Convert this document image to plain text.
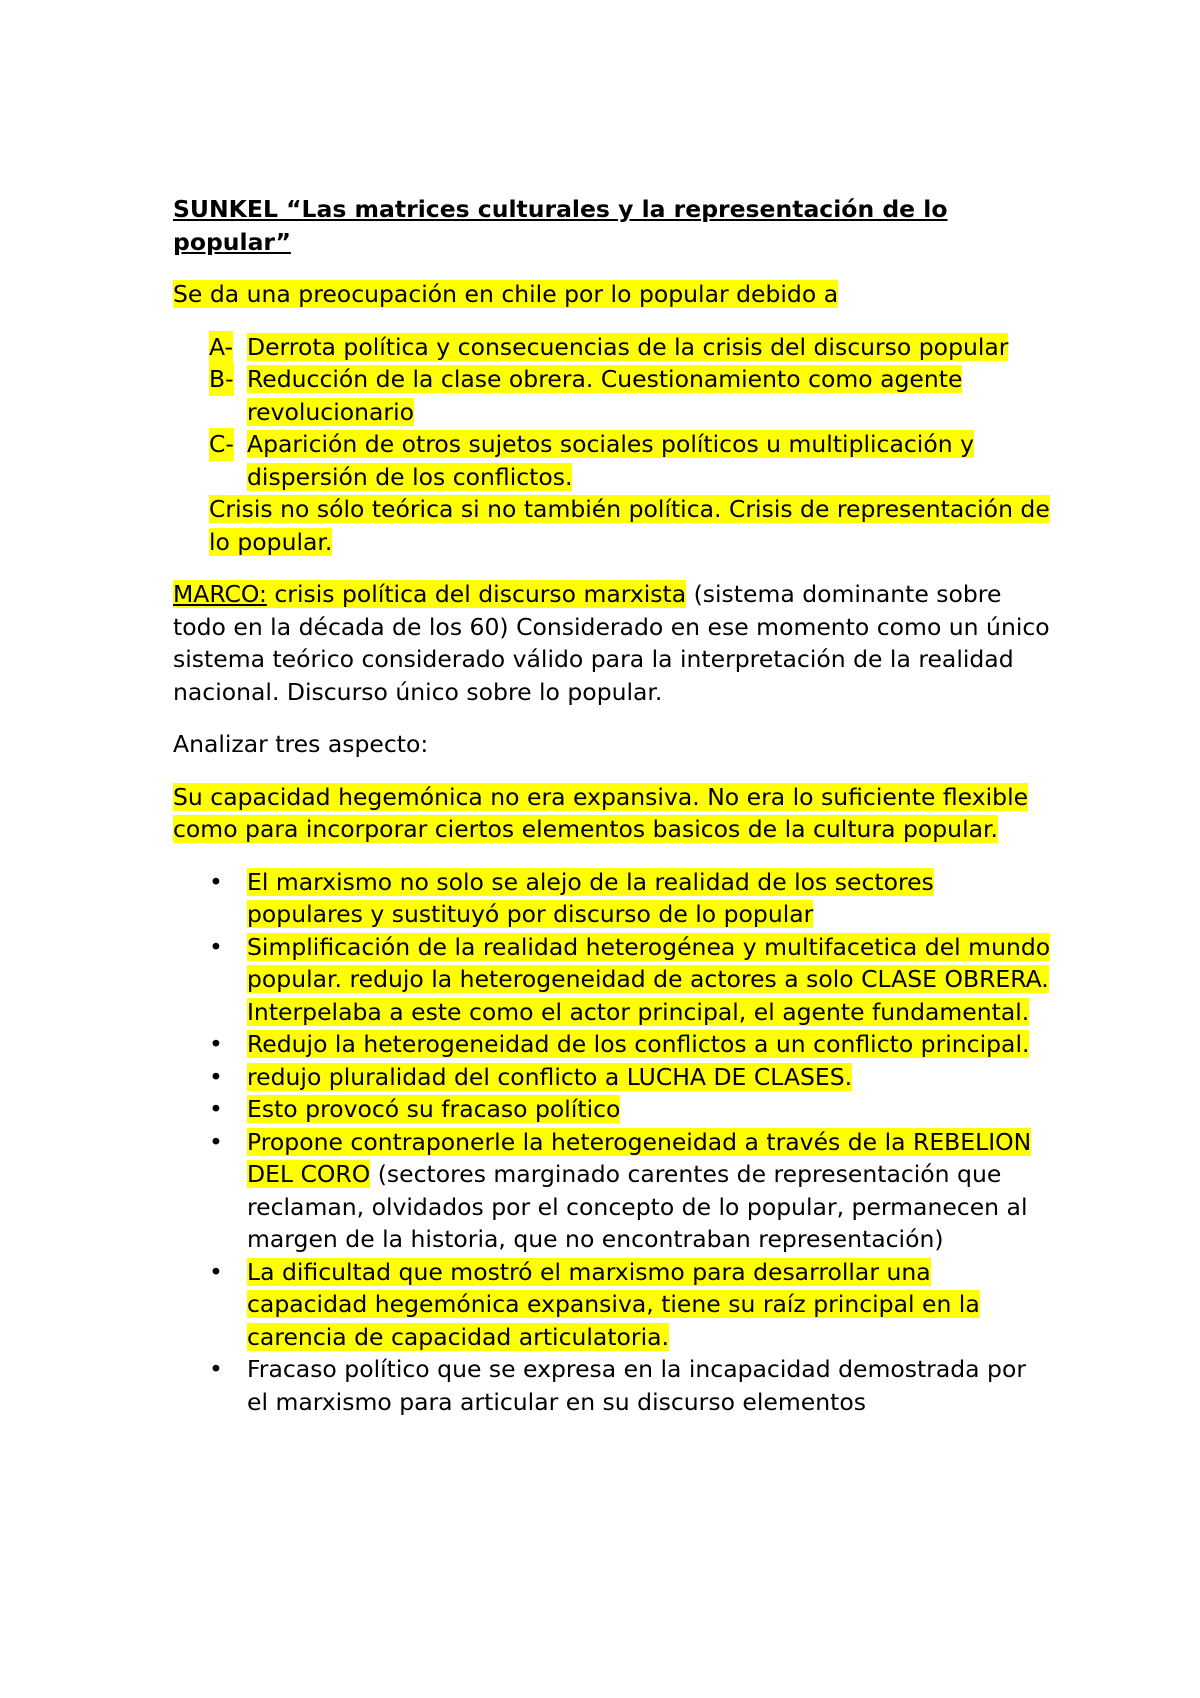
SUNKEL “Las matrices culturales y la representación de lo popular”

Se da una preocupación en chile por lo popular debido a

A- Derrota política y consecuencias de la crisis del discurso popular
B- Reducción de la clase obrera. Cuestionamiento como agente revolucionario
C- Aparición de otros sujetos sociales políticos u multiplicación y dispersión de los conflictos.
Crisis no sólo teórica si no también política. Crisis de representación de lo popular.

MARCO: crisis política del discurso marxista (sistema dominante sobre todo en la década de los 60) Considerado en ese momento como un único sistema teórico considerado válido para la interpretación de la realidad nacional. Discurso único sobre lo popular.

Analizar tres aspecto:

Su capacidad hegemónica no era expansiva. No era lo suficiente flexible como para incorporar ciertos elementos basicos de la cultura popular.

• El marxismo no solo se alejo de la realidad de los sectores populares y sustituyó por discurso de lo popular
• Simplificación de la realidad heterogénea y multifacetica del mundo popular. redujo la heterogeneidad de actores a solo CLASE OBRERA. Interpelaba a este como el actor principal, el agente fundamental.
• Redujo la heterogeneidad de los conflictos a un conflicto principal.
• redujo pluralidad del conflicto a LUCHA DE CLASES.
• Esto provocó su fracaso político
• Propone contraponerle la heterogeneidad a través de la REBELION DEL CORO (sectores marginado carentes de representación que reclaman, olvidados por el concepto de lo popular, permanecen al margen de la historia, que no encontraban representación)
• La dificultad que mostró el marxismo para desarrollar una capacidad hegemónica expansiva, tiene su raíz principal en la carencia de capacidad articulatoria.
• Fracaso político que se expresa en la incapacidad demostrada por el marxismo para articular en su discurso elementos
